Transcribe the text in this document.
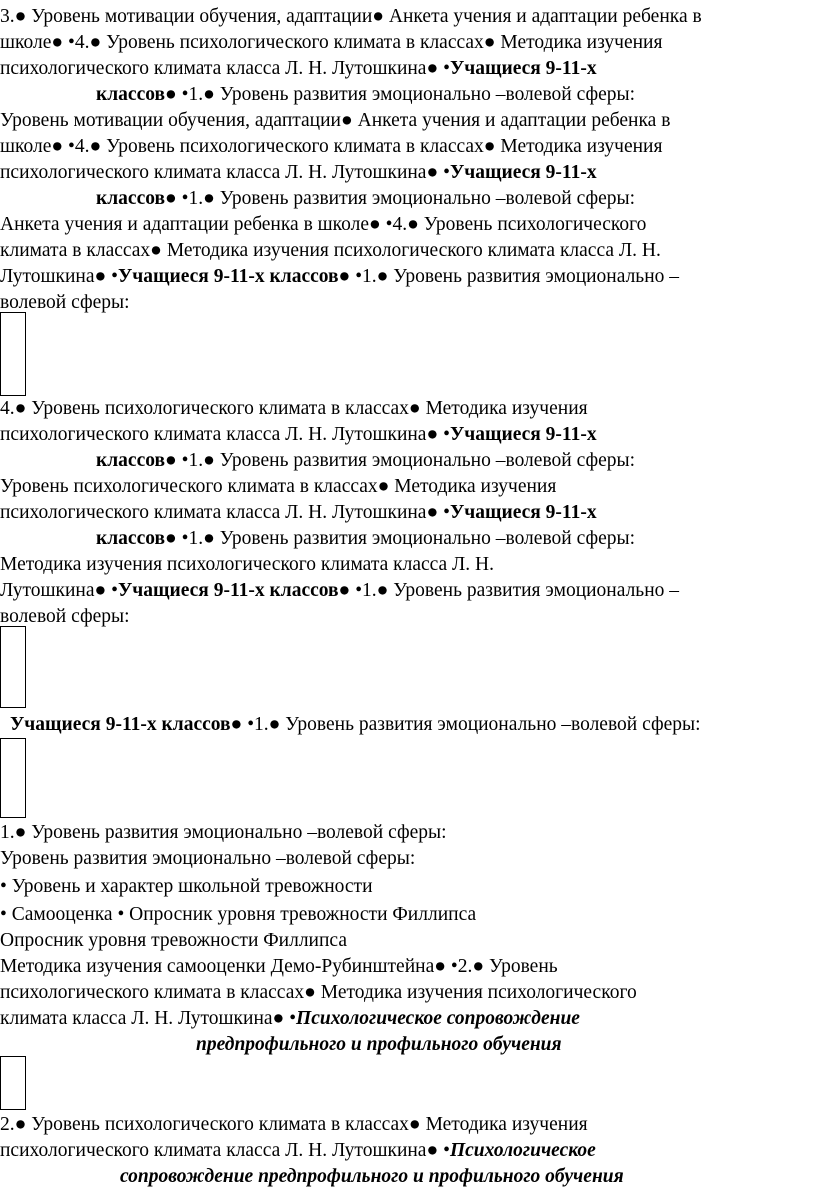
3.● Уровень мотивации обучения, адаптации● Анкета учения и адаптации ребенка в
школе● •4.● Уровень психологического климата в классах● Методика изучения
психологического климата класса Л. Н. Лутошкина● •Учащиеся 9-11-х
классов● •1.● Уровень развития эмоционально –волевой сферы:
Уровень мотивации обучения, адаптации● Анкета учения и адаптации ребенка в
школе● •4.● Уровень психологического климата в классах● Методика изучения
психологического климата класса Л. Н. Лутошкина● •Учащиеся 9-11-х
классов● •1.● Уровень развития эмоционально –волевой сферы:
Анкета учения и адаптации ребенка в школе● •4.● Уровень психологического
климата в классах● Методика изучения психологического климата класса Л. Н.
Лутошкина● •Учащиеся 9-11-х классов● •1.● Уровень развития эмоционально –
волевой сферы:
4.● Уровень психологического климата в классах● Методика изучения
психологического климата класса Л. Н. Лутошкина● •Учащиеся 9-11-х
классов● •1.● Уровень развития эмоционально –волевой сферы:
Уровень психологического климата в классах● Методика изучения
психологического климата класса Л. Н. Лутошкина● •Учащиеся 9-11-х
классов● •1.● Уровень развития эмоционально –волевой сферы:
Методика изучения психологического климата класса Л. Н.
Лутошкина● •Учащиеся 9-11-х классов● •1.● Уровень развития эмоционально –
волевой сферы:
Учащиеся 9-11-х классов● •1.● Уровень развития эмоционально –волевой сферы:
1.● Уровень развития эмоционально –волевой сферы:
Уровень развития эмоционально –волевой сферы:
• Уровень и характер школьной тревожности
• Самооценка • Опросник уровня тревожности Филлипса
Опросник уровня тревожности Филлипса
Методика изучения самооценки Демо-Рубинштейна● •2.● Уровень
психологического климата в классах● Методика изучения психологического
климата класса Л. Н. Лутошкина● •Психологическое сопровождение
предпрофильного и профильного обучения
2.● Уровень психологического климата в классах● Методика изучения
психологического климата класса Л. Н. Лутошкина● •Психологическое
сопровождение предпрофильного и профильного обучения
